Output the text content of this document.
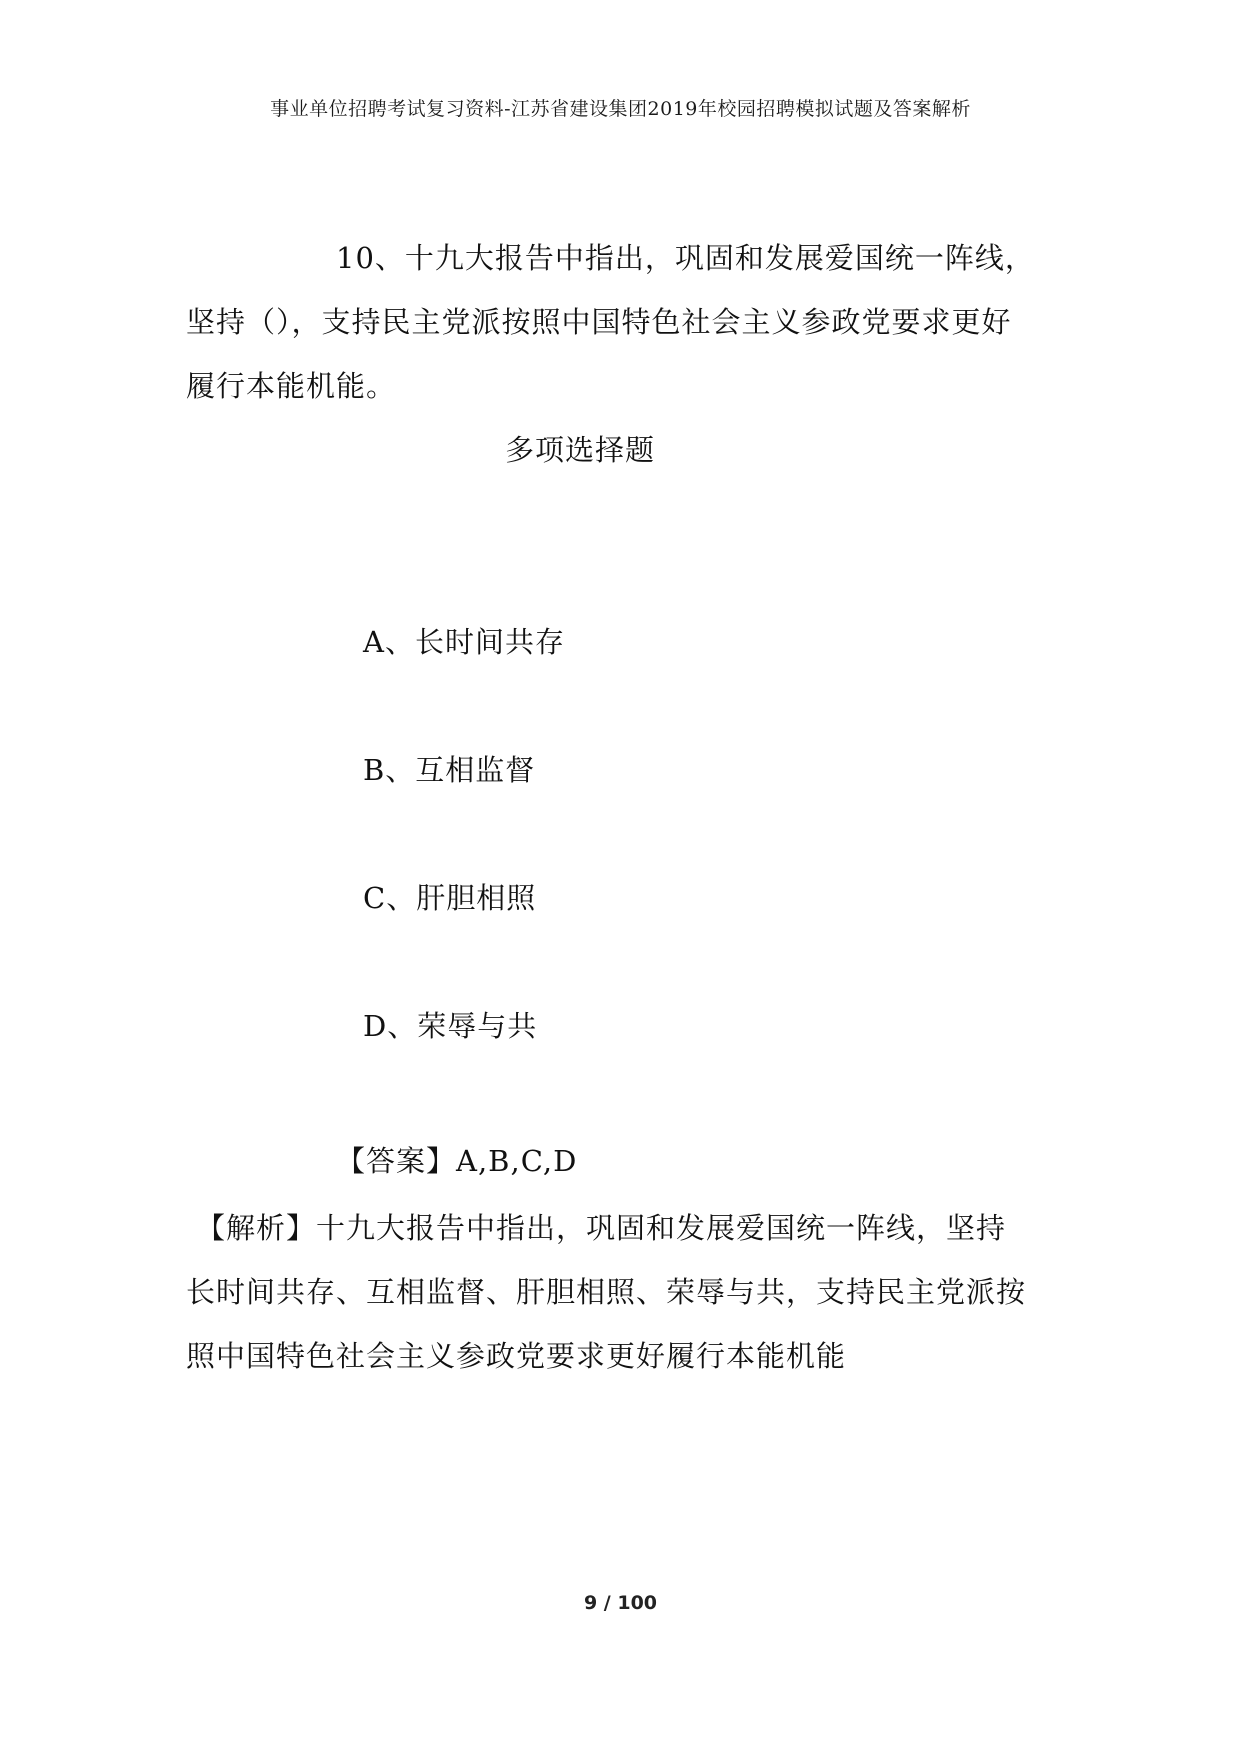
事业单位招聘考试复习资料-江苏省建设集团2019年校园招聘模拟试题及答案解析

10、十九大报告中指出，巩固和发展爱国统一阵线，

坚持（），支持民主党派按照中国特色社会主义参政党要求更好

履行本能机能。

多项选择题
A、长时间共存
B、互相监督
C、肝胆相照
D、荣辱与共
【答案】A,B,C,D

【解析】十九大报告中指出，巩固和发展爱国统一阵线，坚持

长时间共存、互相监督、肝胆相照、荣辱与共，支持民主党派按

照中国特色社会主义参政党要求更好履行本能机能

9 / 100
